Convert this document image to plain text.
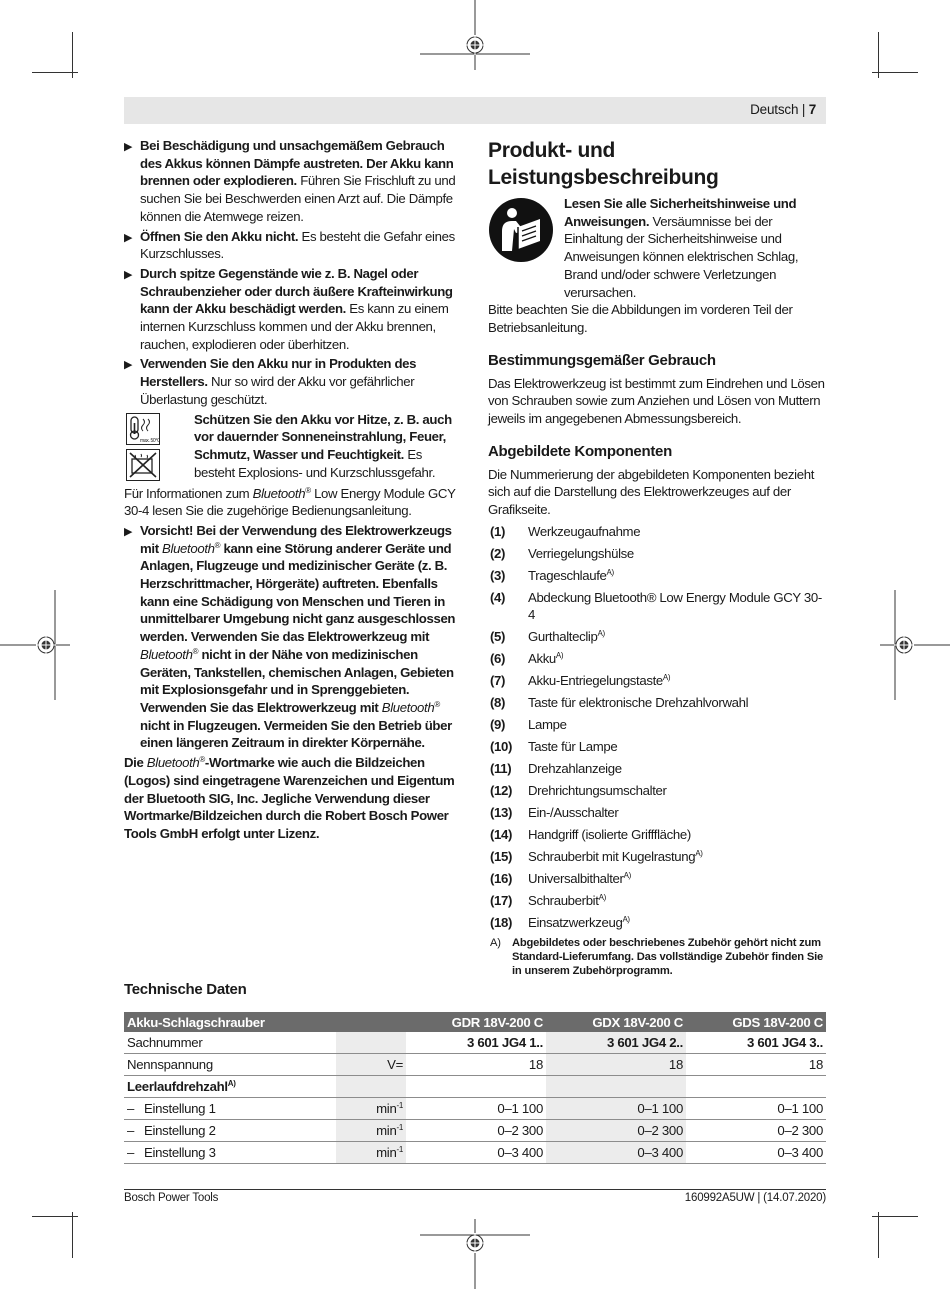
Deutsch | 7
▶ Bei Beschädigung und unsachgemäßem Gebrauch des Akkus können Dämpfe austreten. Der Akku kann brennen oder explodieren. Führen Sie Frischluft zu und suchen Sie bei Beschwerden einen Arzt auf. Die Dämpfe können die Atemwege reizen.
▶ Öffnen Sie den Akku nicht. Es besteht die Gefahr eines Kurzschlusses.
▶ Durch spitze Gegenstände wie z. B. Nagel oder Schraubenzieher oder durch äußere Krafteinwirkung kann der Akku beschädigt werden. Es kann zu einem internen Kurzschluss kommen und der Akku brennen, rauchen, explodieren oder überhitzen.
▶ Verwenden Sie den Akku nur in Produkten des Herstellers. Nur so wird der Akku vor gefährlicher Überlastung geschützt.
max. 50°C
Schützen Sie den Akku vor Hitze, z. B. auch vor dauernder Sonneneinstrahlung, Feuer, Schmutz, Wasser und Feuchtigkeit. Es besteht Explosions- und Kurzschlussgefahr.

Für Informationen zum Bluetooth® Low Energy Module GCY 30-4 lesen Sie die zugehörige Bedienungsanleitung.

▶ Vorsicht! Bei der Verwendung des Elektrowerkzeugs mit Bluetooth® kann eine Störung anderer Geräte und Anlagen, Flugzeuge und medizinischer Geräte (z. B. Herzschrittmacher, Hörgeräte) auftreten. Ebenfalls kann eine Schädigung von Menschen und Tieren in unmittelbarer Umgebung nicht ganz ausgeschlossen werden. Verwenden Sie das Elektrowerkzeug mit Bluetooth® nicht in der Nähe von medizinischen Geräten, Tankstellen, chemischen Anlagen, Gebieten mit Explosionsgefahr und in Sprenggebieten. Verwenden Sie das Elektrowerkzeug mit Bluetooth® nicht in Flugzeugen. Vermeiden Sie den Betrieb über einen längeren Zeitraum in direkter Körpernähe.

Die Bluetooth®-Wortmarke wie auch die Bildzeichen (Logos) sind eingetragene Warenzeichen und Eigentum der Bluetooth SIG, Inc. Jegliche Verwendung dieser Wortmarke/Bildzeichen durch die Robert Bosch Power Tools GmbH erfolgt unter Lizenz.

Produkt- und
Leistungsbeschreibung
Lesen Sie alle Sicherheitshinweise und Anweisungen. Versäumnisse bei der Einhaltung der Sicherheitshinweise und Anweisungen können elektrischen Schlag, Brand und/oder schwere Verletzungen verursachen.

Bitte beachten Sie die Abbildungen im vorderen Teil der Betriebsanleitung.

Bestimmungsgemäßer Gebrauch

Das Elektrowerkzeug ist bestimmt zum Eindrehen und Lösen von Schrauben sowie zum Anziehen und Lösen von Muttern jeweils im angegebenen Abmessungsbereich.

Abgebildete Komponenten

Die Nummerierung der abgebildeten Komponenten bezieht sich auf die Darstellung des Elektrowerkzeuges auf der Grafikseite.

(1) Werkzeugaufnahme
(2) Verriegelungshülse
(3) Trageschlaufe$^{A)}$
(4) Abdeckung Bluetooth® Low Energy Module GCY 30-4
(5) Gurthalteclip$^{A)}$
(6) Akku$^{A)}$
(7) Akku-Entriegelungstaste$^{A)}$
(8) Taste für elektronische Drehzahlvorwahl
(9) Lampe
(10) Taste für Lampe
(11) Drehzahlanzeige
(12) Drehrichtungsumschalter
(13) Ein-/Ausschalter
(14) Handgriff (isolierte Grifffläche)
(15) Schrauberbit mit Kugelrastung$^{A)}$
(16) Universalbithalter$^{A)}$
(17) Schrauberbit$^{A)}$
(18) Einsatzwerkzeug$^{A)}$
A) Abgebildetes oder beschriebenes Zubehör gehört nicht zum Standard-Lieferumfang. Das vollständige Zubehör finden Sie in unserem Zubehörprogramm.
Technische Daten
Akku-Schlagschrauber		GDR 18V-200 C	GDX 18V-200 C	GDS 18V-200 C
Sachnummer		3 601 JG4 1..	3 601 JG4 2..	3 601 JG4 3..
Nennspannung	V=	18	18	18
Leerlaufdrehzahl$^{A)}$				
– Einstellung 1	$\min^{-1}$	0–1 100	0–1 100	0–1 100
– Einstellung 2	$\min^{-1}$	0–2 300	0–2 300	0–2 300
– Einstellung 3	$\min^{-1}$	0–3 400	0–3 400	0–3 400
Bosch Power Tools	160992A5UW | (14.07.2020)
